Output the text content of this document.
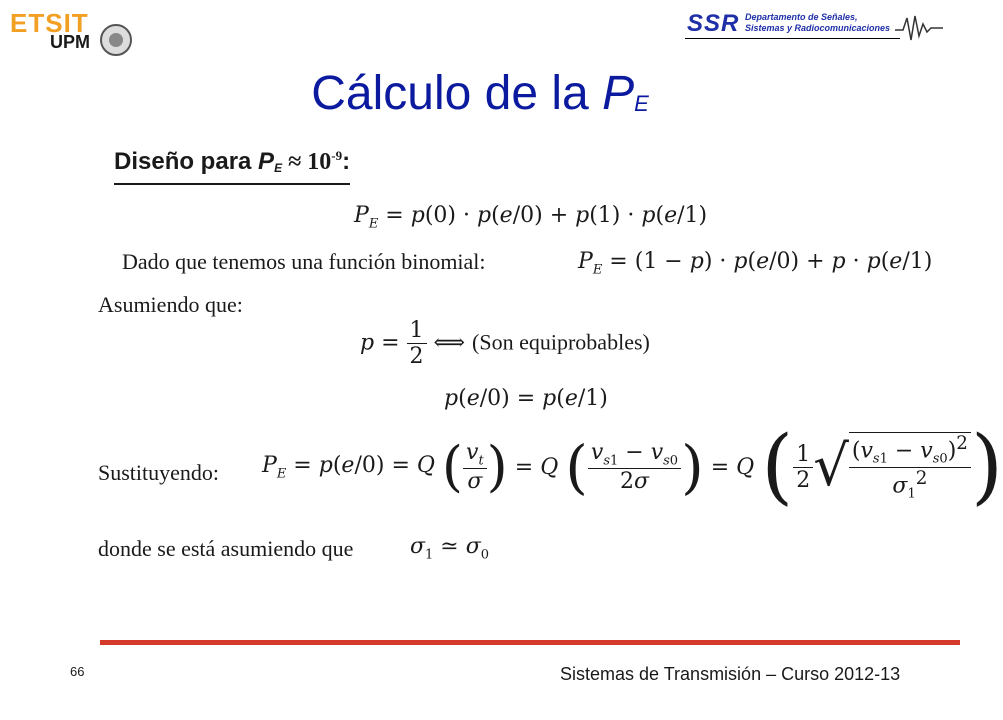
ETSIT
UPM
SSR Departamento de Señales,
Sistemas y Radiocomunicaciones
Cálculo de la $P_E$
Diseño para PE ≈ $10^{-9}$:
$P_E = p(0) \cdot p(e/0) + p(1) \cdot p(e/1)$
Dado que tenemos una función binomial:	$P_E = (1 - p) \cdot p(e/0) + p \cdot p(e/1)$
Asumiendo que:
$p = \frac{1}{2}$ ⟺ (Son equiprobables)
p(e/0) = p(e/1)
Sustituyendo: $P_E = p(e/0) = Q$ ( $\frac{v_t}{\sigma}$ ) = Q ( $\frac{v_{s1} - v_{s0}}{2\sigma}$ ) = Q ( $\frac{1}{2}$ √ $\frac{(v_{s1} - v_{s0})^2}{\sigma_1^2}$ )
donde se está asumiendo que	$\sigma_1$ ≃ $\sigma_0$
66	Sistemas de Transmisión – Curso 2012-13
